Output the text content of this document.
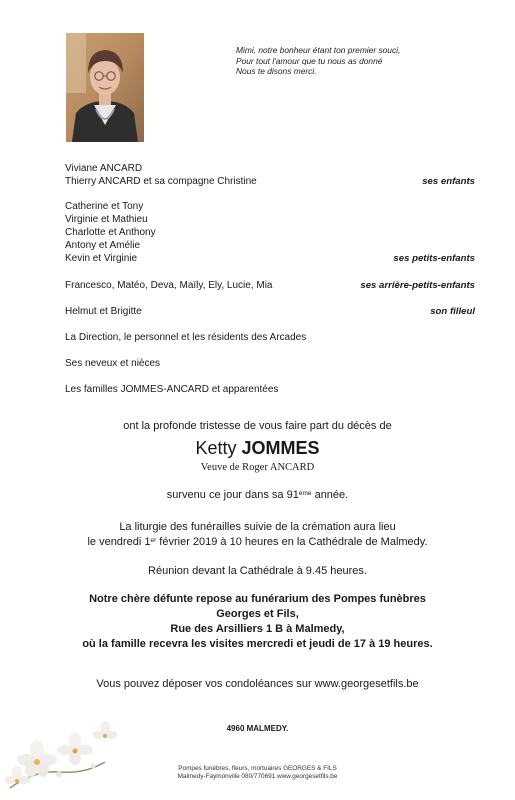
Mimi, notre bonheur étant ton premier souci,
Pour tout l'amour que tu nous as donné
Nous te disons merci.
Viviane ANCARD
Thierry ANCARD et sa compagne Christine	ses enfants
Catherine et Tony
Virginie et Mathieu
Charlotte et Anthony
Antony et Amélie
Kevin et Virginie	ses petits-enfants
Francesco, Matéo, Deva, Maïly, Ely, Lucie, Mia	ses arrière-petits-enfants
Helmut et Brigitte	son filleul
La Direction, le personnel et les résidents des Arcades
Ses neveux et nièces
Les familles JOMMES-ANCARD et apparentées
ont la profonde tristesse de vous faire part du décès de
Ketty JOMMES
Veuve de Roger ANCARD
survenu ce jour dans sa 91ème année.
La liturgie des funérailles suivie de la crémation aura lieu
le vendredi 1er février 2019 à 10 heures en la Cathédrale de Malmedy.
Réunion devant la Cathédrale à 9.45 heures.
Notre chère défunte repose au funérarium des Pompes funèbres
Georges et Fils,
Rue des Arsilliers 1 B à Malmedy,
où la famille recevra les visites mercredi et jeudi de 17 à 19 heures.
Vous pouvez déposer vos condoléances sur www.georgesetfils.be
4960 MALMEDY.
Pompes funèbres, fleurs, mortuaires GEORGES & FILS
Malmedy-Faymonville 080/770691 www.georgesetfils.be
